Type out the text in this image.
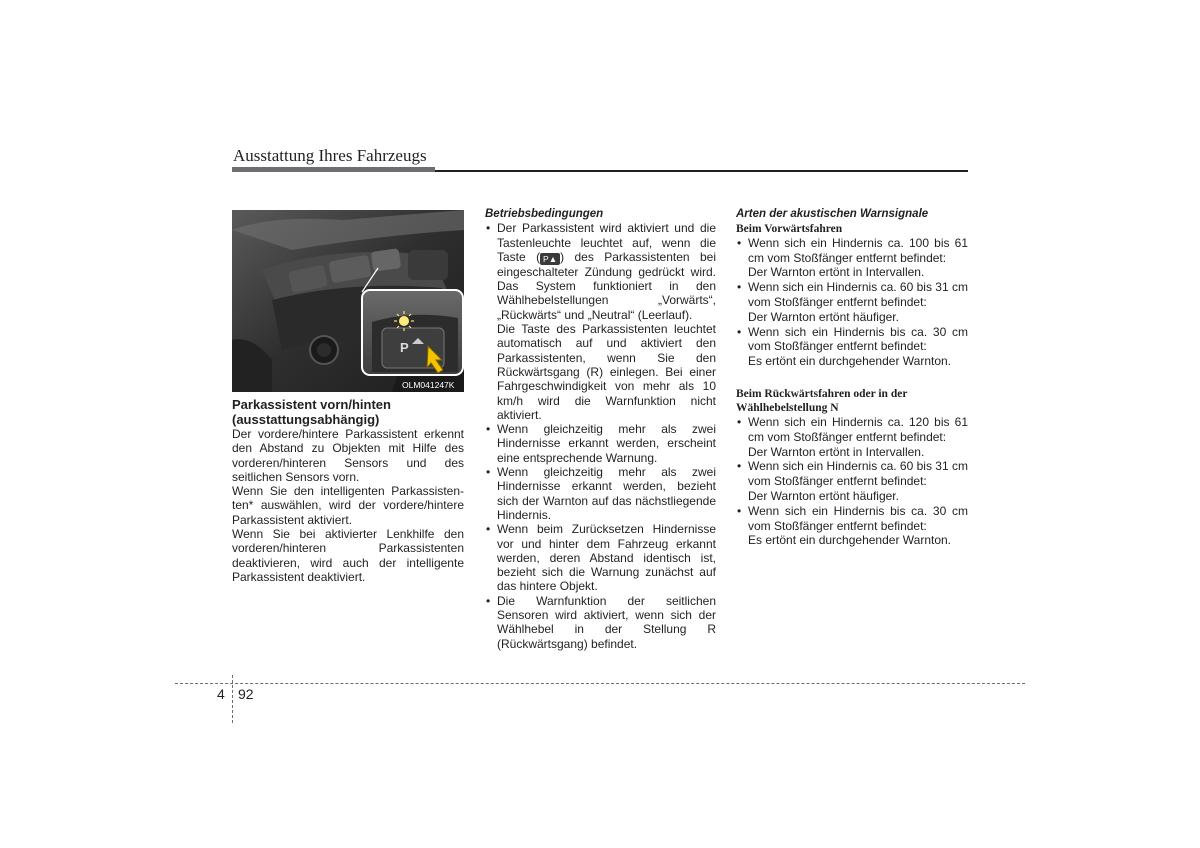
Ausstattung Ihres Fahrzeugs
P
OLM041247K

Parkassistent vorn/hinten
(ausstattungsabhängig)

Der vordere/hintere Parkassistent erkennt den Abstand zu Objekten mit Hilfe des vorderen/hinteren Sensors und des seitlichen Sensors vorn.

Wenn Sie den intelligenten Parkassistenten* auswählen, wird der vordere/hintere Parkassistent aktiviert.

Wenn Sie bei aktivierter Lenkhilfe den vorderen/hinteren Parkassistenten deaktivieren, wird auch der intelligente Parkassistent deaktiviert.

Betriebsbedingungen

• Der Parkassistent wird aktiviert und die Tastenleuchte leuchtet auf, wenn die Taste ( P▲ ) des Parkassistenten bei eingeschalteter Zündung gedrückt wird. Das System funktioniert in den Wählhebelstellungen „Vorwärts“, „Rückwärts“ und „Neutral“ (Leerlauf).

Die Taste des Parkassistenten leuchtet automatisch auf und aktiviert den Parkassistenten, wenn Sie den Rückwärtsgang (R) einlegen. Bei einer Fahrgeschwindigkeit von mehr als 10 km/h wird die Warnfunktion nicht aktiviert.

• Wenn gleichzeitig mehr als zwei Hindernisse erkannt werden, erscheint eine entsprechende Warnung.
• Wenn gleichzeitig mehr als zwei Hindernisse erkannt werden, bezieht sich der Warnton auf das nächstliegende Hindernis.
• Wenn beim Zurücksetzen Hindernisse vor und hinter dem Fahrzeug erkannt werden, deren Abstand identisch ist, bezieht sich die Warnung zunächst auf das hintere Objekt.
• Die Warnfunktion der seitlichen Sensoren wird aktiviert, wenn sich der Wählhebel in der Stellung R (Rückwärtsgang) befindet.

Arten der akustischen Warnsignale

Beim Vorwärtsfahren

• Wenn sich ein Hindernis ca. 100 bis 61 cm vom Stoßfänger entfernt befindet:

Der Warnton ertönt in Intervallen.

• Wenn sich ein Hindernis ca. 60 bis 31 cm vom Stoßfänger entfernt befindet:

Der Warnton ertönt häufiger.

• Wenn sich ein Hindernis bis ca. 30 cm vom Stoßfänger entfernt befindet:

Es ertönt ein durchgehender Warnton.

Beim Rückwärtsfahren oder in der
Wählhebelstellung N

• Wenn sich ein Hindernis ca. 120 bis 61 cm vom Stoßfänger entfernt befindet:

Der Warnton ertönt in Intervallen.

• Wenn sich ein Hindernis ca. 60 bis 31 cm vom Stoßfänger entfernt befindet:

Der Warnton ertönt häufiger.

• Wenn sich ein Hindernis bis ca. 30 cm vom Stoßfänger entfernt befindet:

Es ertönt ein durchgehender Warnton.

4 92
